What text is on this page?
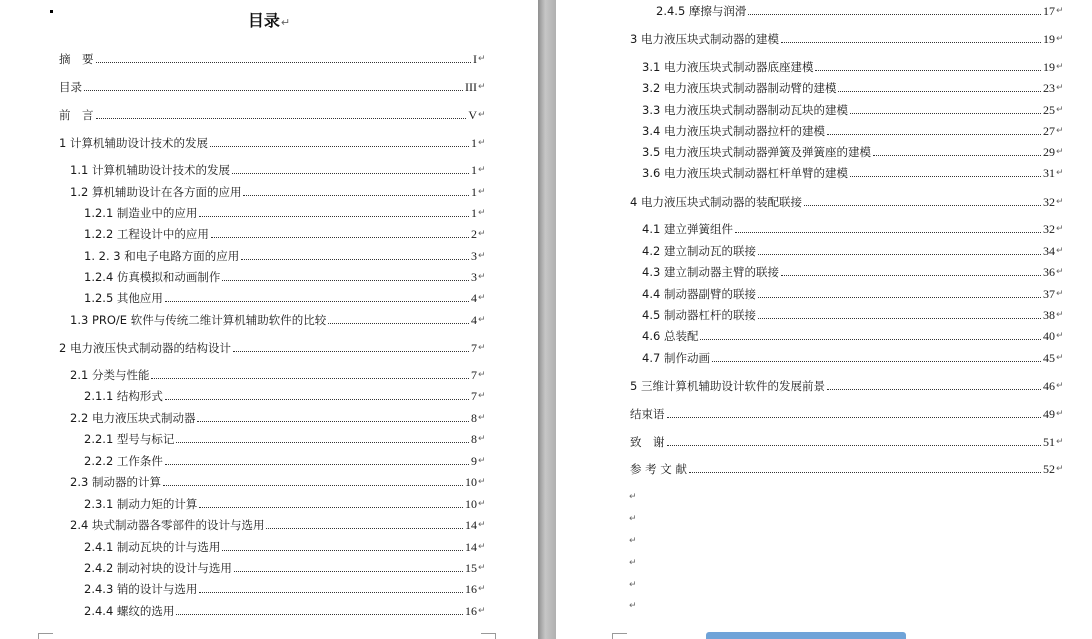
目录↵
摘　要	I ↵
目录	III ↵
前　言	V ↵
1 计算机辅助设计技术的发展	1 ↵
1.1 计算机辅助设计技术的发展	1 ↵
1.2 算机辅助设计在各方面的应用	1 ↵
1.2.1 制造业中的应用	1 ↵
1.2.2 工程设计中的应用	2 ↵
1. 2. 3 和电子电路方面的应用	3 ↵
1.2.4 仿真模拟和动画制作	3 ↵
1.2.5 其他应用	4 ↵
1.3 PRO/E 软件与传统二维计算机辅助软件的比较	4 ↵
2 电力液压快式制动器的结构设计	7 ↵
2.1 分类与性能	7 ↵
2.1.1 结构形式	7 ↵
2.2 电力液压块式制动器	8 ↵
2.2.1 型号与标记	8 ↵
2.2.2 工作条件	9 ↵
2.3 制动器的计算	10 ↵
2.3.1 制动力矩的计算	10 ↵
2.4 块式制动器各零部件的设计与选用	14 ↵
2.4.1 制动瓦块的计与选用	14 ↵
2.4.2 制动衬块的设计与选用	15 ↵
2.4.3 销的设计与选用	16 ↵
2.4.4 螺纹的选用	16 ↵
2.4.5 摩擦与润滑	17 ↵
3 电力液压块式制动器的建模	19 ↵
3.1 电力液压块式制动器底座建模	19 ↵
3.2 电力液压块式制动器制动臂的建模	23 ↵
3.3 电力液压块式制动器制动瓦块的建模	25 ↵
3.4 电力液压块式制动器拉杆的建模	27 ↵
3.5 电力液压块式制动器弹簧及弹簧座的建模	29 ↵
3.6 电力液压块式制动器杠杆单臂的建模	31 ↵
4 电力液压块式制动器的装配联接	32 ↵
4.1 建立弹簧组件	32 ↵
4.2 建立制动瓦的联接	34 ↵
4.3 建立制动器主臂的联接	36 ↵
4.4 制动器副臂的联接	37 ↵
4.5 制动器杠杆的联接	38 ↵
4.6 总装配	40 ↵
4.7 制作动画	45 ↵
5 三维计算机辅助设计软件的发展前景	46 ↵
结束语	49 ↵
致　谢	51 ↵
参 考 文 献	52 ↵
↵
↵
↵
↵
↵
↵
